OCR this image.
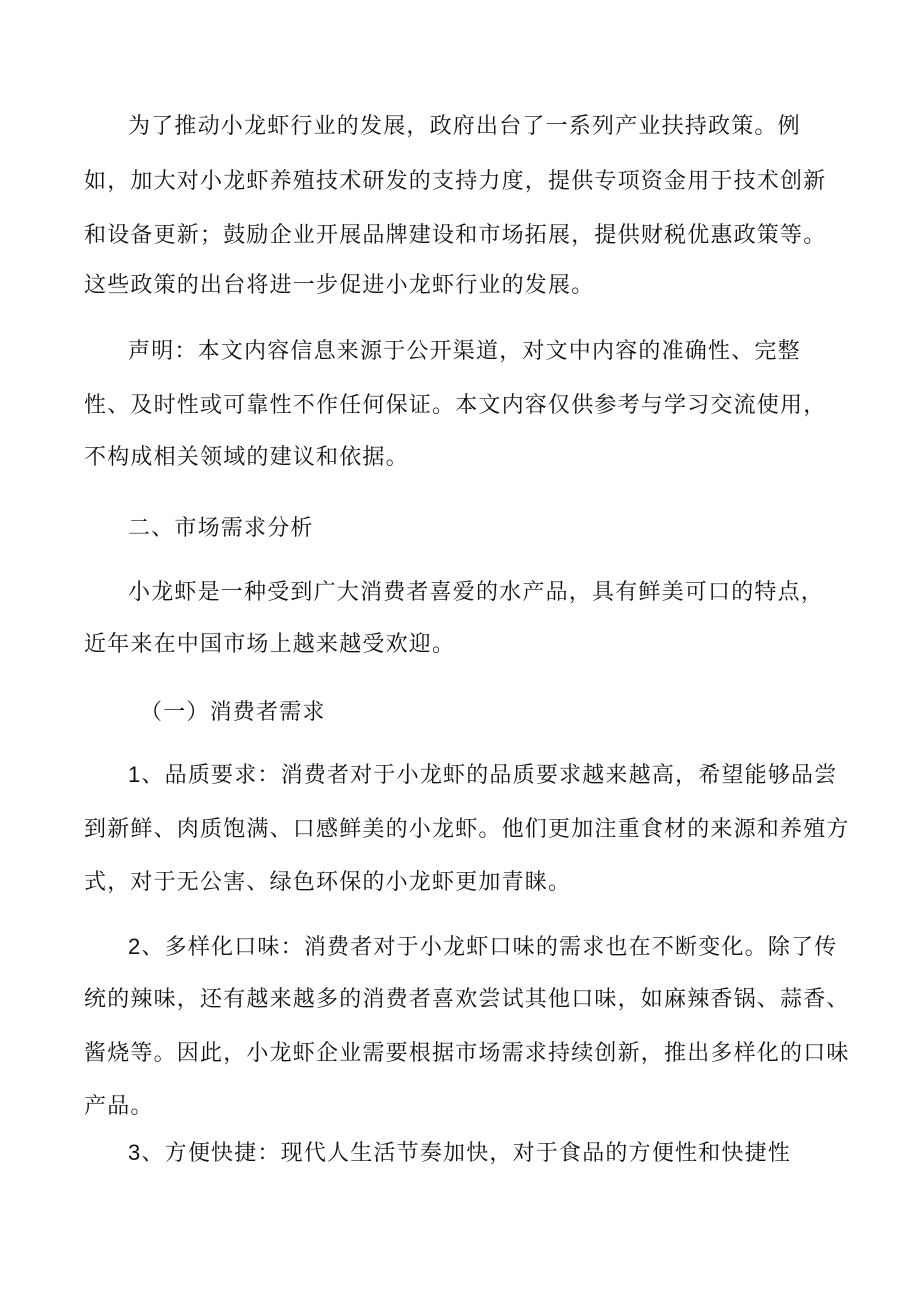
为了推动小龙虾行业的发展，政府出台了一系列产业扶持政策。例
如，加大对小龙虾养殖技术研发的支持力度，提供专项资金用于技术创新
和设备更新；鼓励企业开展品牌建设和市场拓展，提供财税优惠政策等。
这些政策的出台将进一步促进小龙虾行业的发展。
声明：本文内容信息来源于公开渠道，对文中内容的准确性、完整
性、及时性或可靠性不作任何保证。本文内容仅供参考与学习交流使用，
不构成相关领域的建议和依据。
二、市场需求分析
小龙虾是一种受到广大消费者喜爱的水产品，具有鲜美可口的特点，
近年来在中国市场上越来越受欢迎。
（一）消费者需求
1、品质要求：消费者对于小龙虾的品质要求越来越高，希望能够品尝
到新鲜、肉质饱满、口感鲜美的小龙虾。他们更加注重食材的来源和养殖方
式，对于无公害、绿色环保的小龙虾更加青睐。
2、多样化口味：消费者对于小龙虾口味的需求也在不断变化。除了传
统的辣味，还有越来越多的消费者喜欢尝试其他口味，如麻辣香锅、蒜香、
酱烧等。因此，小龙虾企业需要根据市场需求持续创新，推出多样化的口味
产品。
3、方便快捷：现代人生活节奏加快，对于食品的方便性和快捷性
